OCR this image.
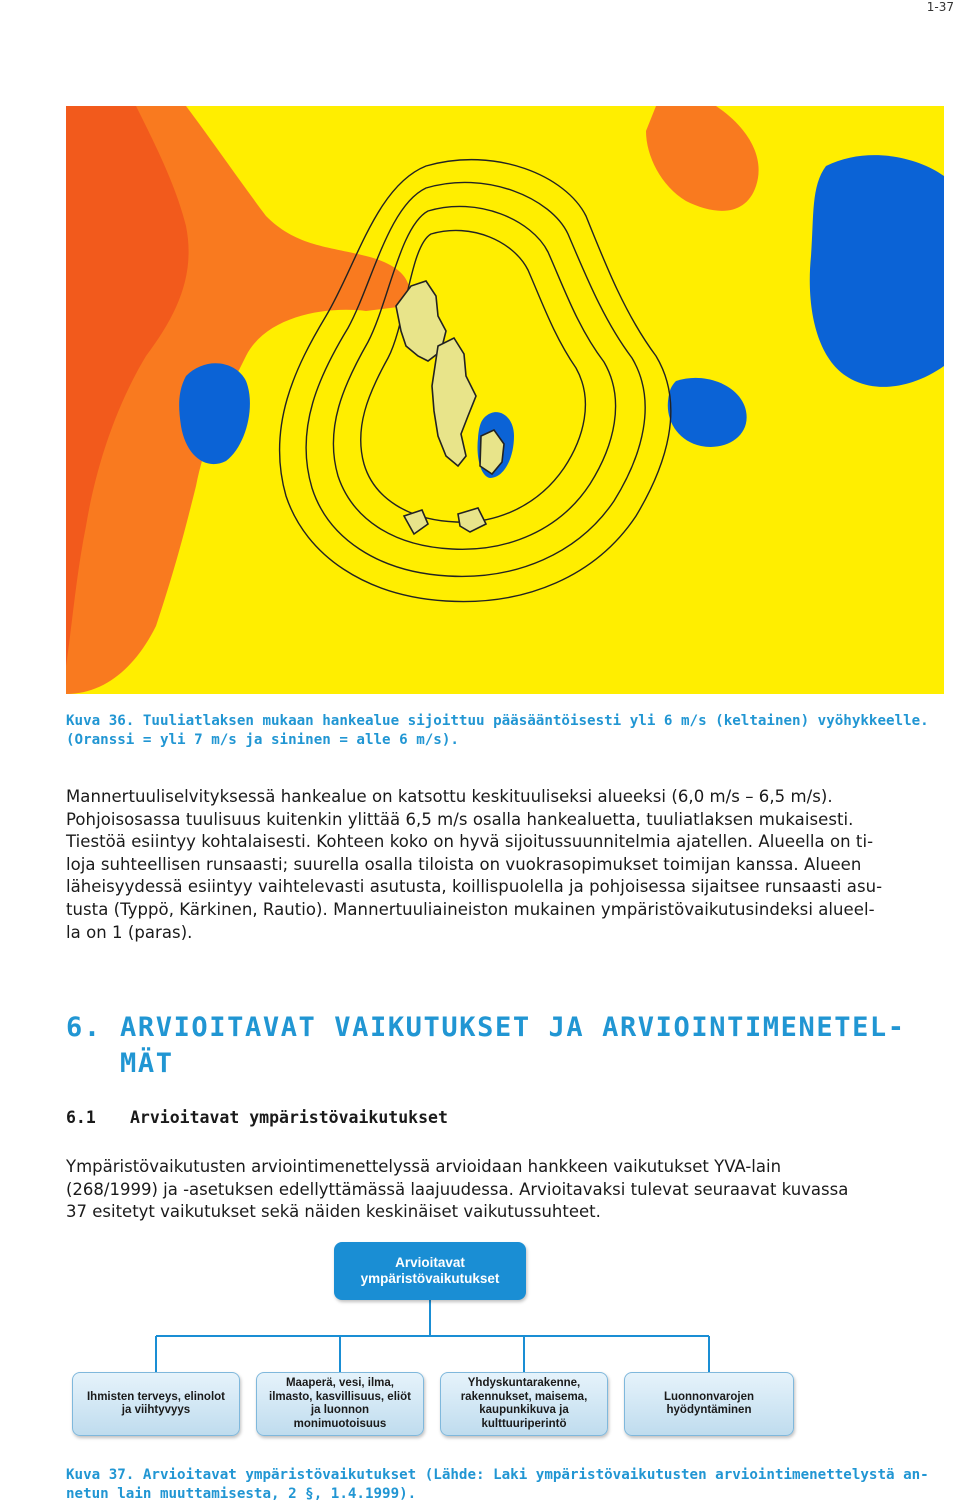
1-37
Kuva 36. Tuuliatlaksen mukaan hankealue sijoittuu pääsääntöisesti yli 6 m/s (keltainen) vyöhykkeelle.
(Oranssi = yli 7 m/s ja sininen = alle 6 m/s).
Mannertuuliselvityksessä hankealue on katsottu keskituuliseksi alueeksi (6,0 m/s – 6,5 m/s).
Pohjoisosassa tuulisuus kuitenkin ylittää 6,5 m/s osalla hankealuetta, tuuliatlaksen mukaisesti.
Tiestöä esiintyy kohtalaisesti. Kohteen koko on hyvä sijoitussuunnitelmia ajatellen. Alueella on ti-
loja suhteellisen runsaasti; suurella osalla tiloista on vuokrasopimukset toimijan kanssa. Alueen
läheisyydessä esiintyy vaihtelevasti asutusta, koillispuolella ja pohjoisessa sijaitsee runsaasti asu-
tusta (Typpö, Kärkinen, Rautio). Mannertuuliaineiston mukainen ympäristövaikutusindeksi alueel-
la on 1 (paras).
6. ARVIOITAVAT VAIKUTUKSET JA ARVIOINTIMENETEL-
MÄT
6.1 Arvioitavat ympäristövaikutukset
Ympäristövaikutusten arviointimenettelyssä arvioidaan hankkeen vaikutukset YVA-lain
(268/1999) ja -asetuksen edellyttämässä laajuudessa. Arvioitavaksi tulevat seuraavat kuvassa
37 esitetyt vaikutukset sekä näiden keskinäiset vaikutussuhteet.
Arvioitavat
ympäristövaikutukset
Ihmisten terveys, elinolot
ja viihtyvyys
Maaperä, vesi, ilma,
ilmasto, kasvillisuus, eliöt
ja luonnon
monimuotoisuus
Yhdyskuntarakenne,
rakennukset, maisema,
kaupunkikuva ja
kulttuuriperintö
Luonnonvarojen
hyödyntäminen
Kuva 37. Arvioitavat ympäristövaikutukset (Lähde: Laki ympäristövaikutusten arviointimenettelystä an-
netun lain muuttamisesta, 2 §, 1.4.1999).
